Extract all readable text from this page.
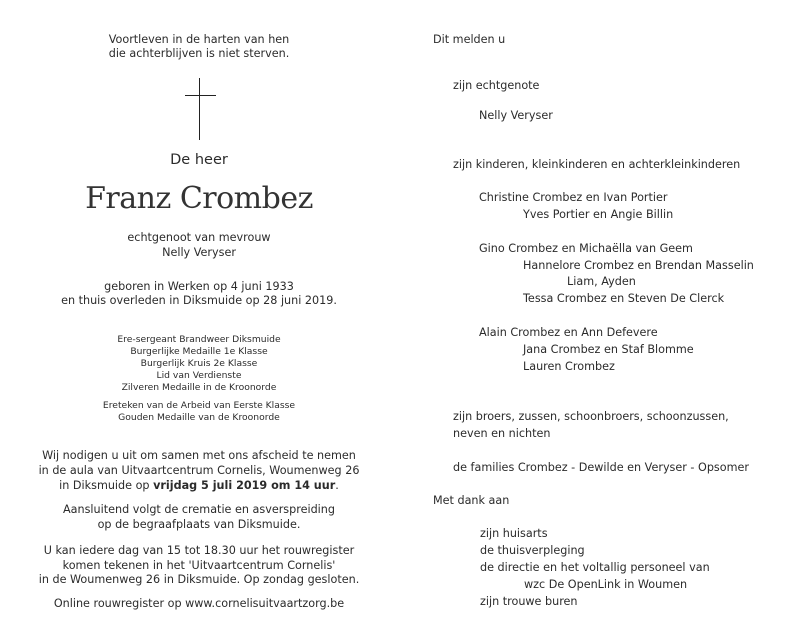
Voortleven in de harten van hen
die achterblijven is niet sterven.
De heer
Franz Crombez
echtgenoot van mevrouw
Nelly Veryser
geboren in Werken op 4 juni 1933
en thuis overleden in Diksmuide op 28 juni 2019.
Ere-sergeant Brandweer Diksmuide
Burgerlijke Medaille 1e Klasse
Burgerlijk Kruis 2e Klasse
Lid van Verdienste
Zilveren Medaille in de Kroonorde
Ereteken van de Arbeid van Eerste Klasse
Gouden Medaille van de Kroonorde
Wij nodigen u uit om samen met ons afscheid te nemen
in de aula van Uitvaartcentrum Cornelis, Woumenweg 26
in Diksmuide op vrijdag 5 juli 2019 om 14 uur.
Aansluitend volgt de crematie en asverspreiding
op de begraafplaats van Diksmuide.
U kan iedere dag van 15 tot 18.30 uur het rouwregister
komen tekenen in het 'Uitvaartcentrum Cornelis'
in de Woumenweg 26 in Diksmuide. Op zondag gesloten.
Online rouwregister op www.cornelisuitvaartzorg.be
Dit melden u
zijn echtgenote
Nelly Veryser
zijn kinderen, kleinkinderen en achterkleinkinderen
Christine Crombez en Ivan Portier
Yves Portier en Angie Billin
Gino Crombez en Michaëlla van Geem
Hannelore Crombez en Brendan Masselin
Liam, Ayden
Tessa Crombez en Steven De Clerck
Alain Crombez en Ann Defevere
Jana Crombez en Staf Blomme
Lauren Crombez
zijn broers, zussen, schoonbroers, schoonzussen,
neven en nichten
de families Crombez - Dewilde en Veryser - Opsomer
Met dank aan
zijn huisarts
de thuisverpleging
de directie en het voltallig personeel van
wzc De OpenLink in Woumen
zijn trouwe buren
